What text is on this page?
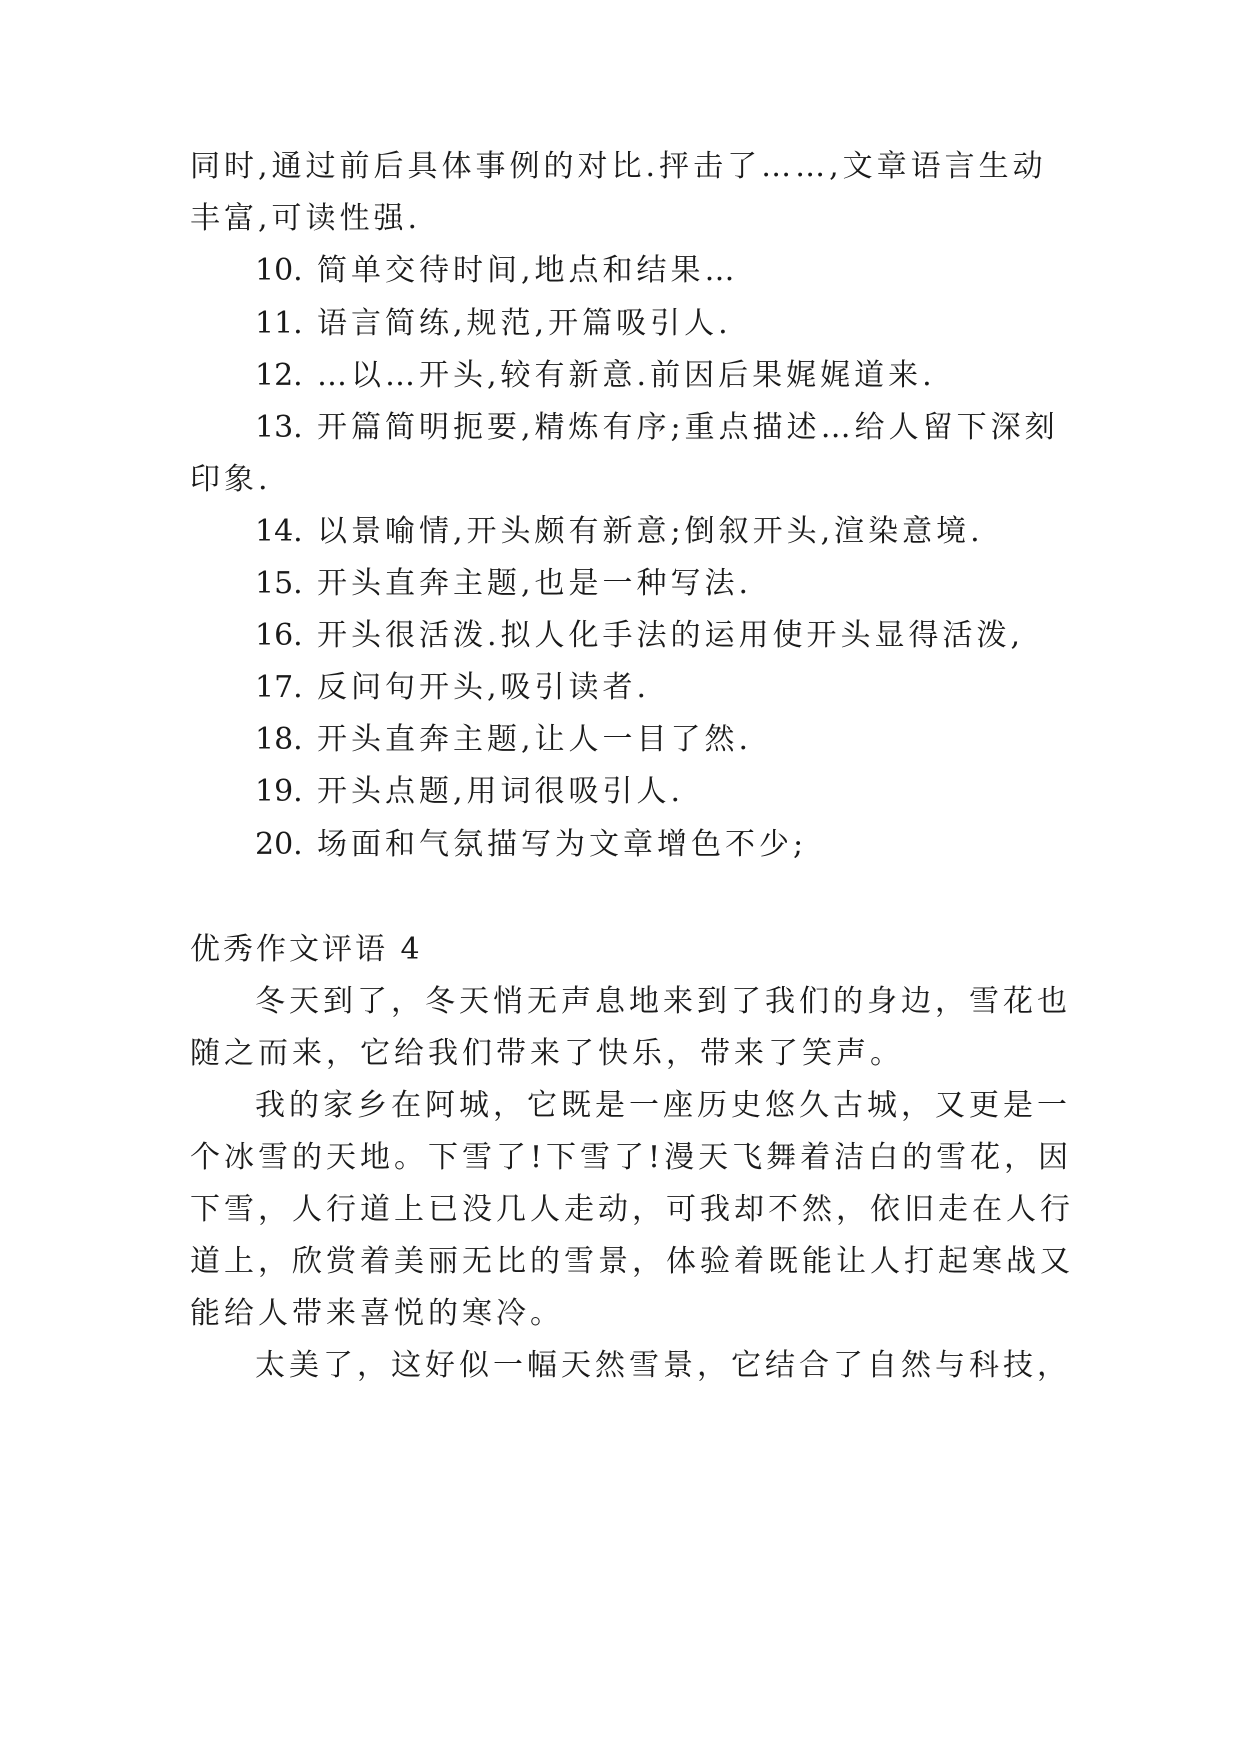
同时,通过前后具体事例的对比.抨击了……,文章语言生动
丰富,可读性强.
10. 简单交待时间,地点和结果…
11. 语言简练,规范,开篇吸引人.
12. …以…开头,较有新意.前因后果娓娓道来.
13. 开篇简明扼要,精炼有序;重点描述…给人留下深刻
印象.
14. 以景喻情,开头颇有新意;倒叙开头,渲染意境.
15. 开头直奔主题,也是一种写法.
16. 开头很活泼.拟人化手法的运用使开头显得活泼,
17. 反问句开头,吸引读者.
18. 开头直奔主题,让人一目了然.
19. 开头点题,用词很吸引人.
20. 场面和气氛描写为文章增色不少;
优秀作文评语 4
冬天到了，冬天悄无声息地来到了我们的身边，雪花也
随之而来，它给我们带来了快乐，带来了笑声。
我的家乡在阿城，它既是一座历史悠久古城，又更是一
个冰雪的天地。下雪了!下雪了!漫天飞舞着洁白的雪花，因
下雪，人行道上已没几人走动，可我却不然，依旧走在人行
道上，欣赏着美丽无比的雪景，体验着既能让人打起寒战又
能给人带来喜悦的寒冷。
太美了，这好似一幅天然雪景，它结合了自然与科技，
